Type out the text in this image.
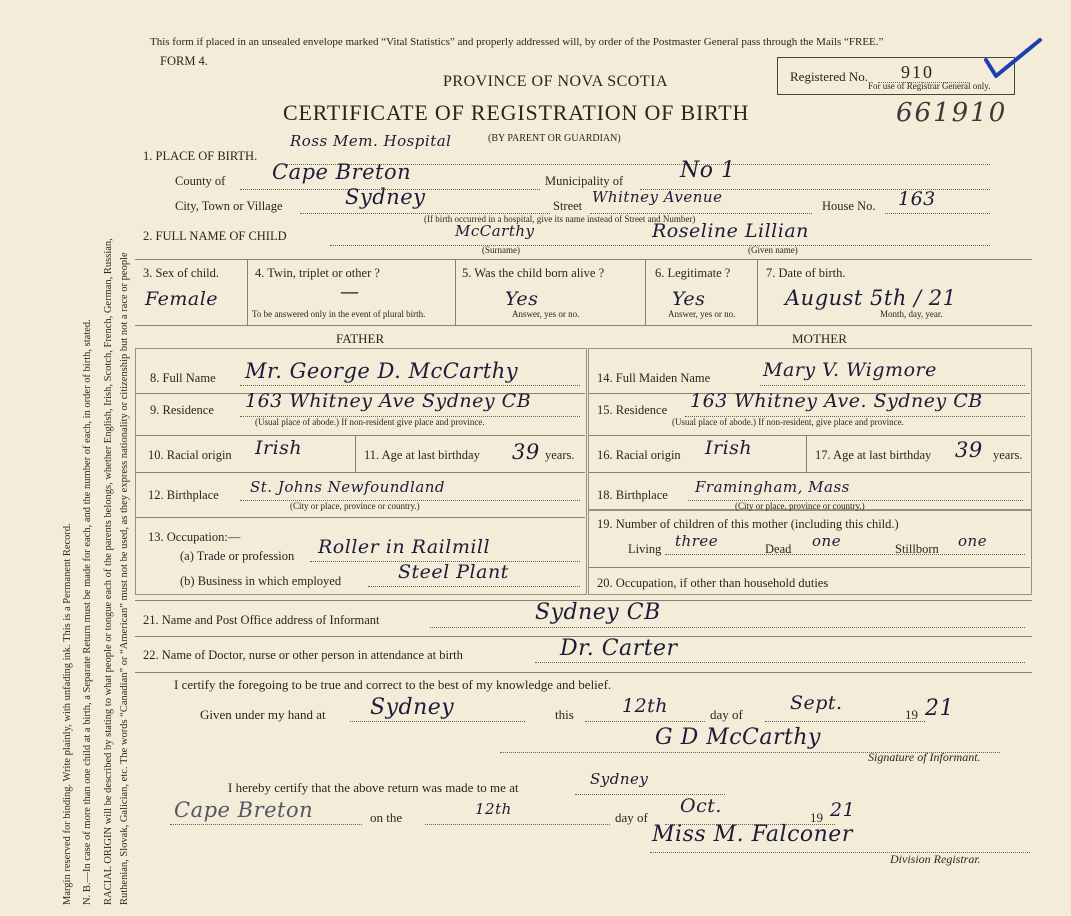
Margin reserved for binding. Write plainly, with unfading ink. This is a Permanent Record. N. B.—In case of more than one child at a birth, a Separate Return must be made for each, and the number of each, in order of birth, stated. RACIAL ORIGIN will be described by stating to what people or tongue each of the parents belongs, whether English, Irish, Scotch, French, German, Russian, Ruthenian, Slovak, Galician, etc. The words “Canadian” or “American” must not be used, as they express nationality or citizenship but not a race or people
This form if placed in an unsealed envelope marked “Vital Statistics” and properly addressed will, by order of the Postmaster General pass through the Mails “FREE.”
FORM 4.
Registered No. 910
For use of Registrar General only.
PROVINCE OF NOVA SCOTIA
CERTIFICATE OF REGISTRATION OF BIRTH	661910
(BY PARENT OR GUARDIAN)
1. PLACE OF BIRTH.
Ross Mem. Hospital
County of Cape Breton	Municipality of	No 1
City, Town or Village	Sydney	Street Whitney Avenue	House No. 163
(If birth occurred in a hospital, give its name instead of Street and Number)
2. FULL NAME OF CHILD	McCarthy	Roseline Lillian
(Surname)	(Given name)
3. Sex of child.
Female
4. Twin, triplet or other ?
—
To be answered only in the event of plural birth.
5. Was the child born alive ?
Yes
Answer, yes or no.
6. Legitimate ?
Yes
Answer, yes or no.
7. Date of birth.
August 5th / 21
Month, day, year.
FATHER	MOTHER
8. Full Name Mr. George D. McCarthy
9. Residence 163 Whitney Ave Sydney CB
(Usual place of abode.) If non-resident give place and province.
10. Racial origin Irish	11. Age at last birthday 39 years.
12. Birthplace St. Johns Newfoundland
(City or place, province or country.)
13. Occupation:—
(a) Trade or profession Roller in Railmill
(b) Business in which employed	Steel Plant
14. Full Maiden Name	Mary V. Wigmore
15. Residence 163 Whitney Ave. Sydney CB
(Usual place of abode.) If non-resident, give place and province.
16. Racial origin Irish	17. Age at last birthday 39 years.
18. Birthplace Framingham, Mass
(City or place, province or country.)
19. Number of children of this mother (including this child.)
Living three	Dead one	Stillborn one
20. Occupation, if other than household duties
21. Name and Post Office address of Informant	Sydney CB
22. Name of Doctor, nurse or other person in attendance at birth	Dr. Carter
I certify the foregoing to be true and correct to the best of my knowledge and belief.
Given under my hand at Sydney	this	12th	day of
Sept.
19 21
G D McCarthy
Signature of Informant.
I hereby certify that the above return was made to me at	Sydney
Cape Breton	on the	12th	day of
Oct.
19 21
Miss M. Falconer
Division Registrar.
